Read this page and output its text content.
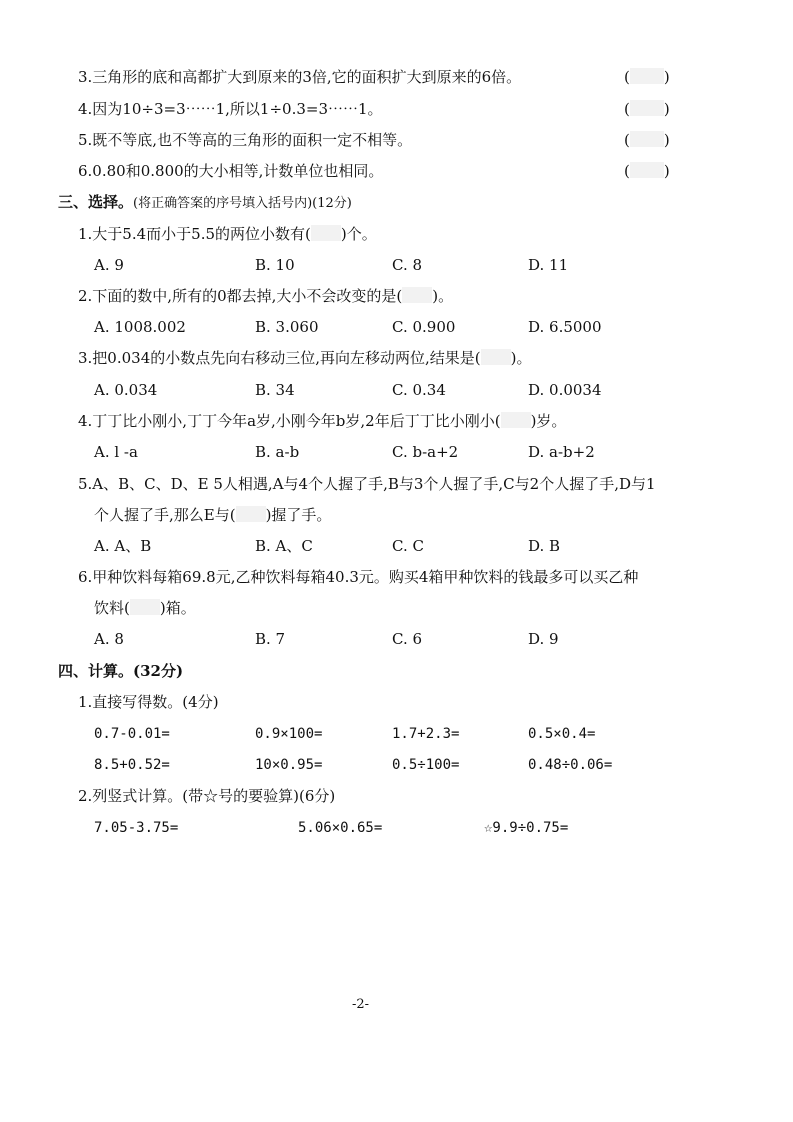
3.三角形的底和高都扩大到原来的3倍,它的面积扩大到原来的6倍。	( )
4.因为10÷3=3⋯⋯1,所以1÷0.3=3⋯⋯1。	( )
5.既不等底,也不等高的三角形的面积一定不相等。	( )
6.0.80和0.800的大小相等,计数单位也相同。	( )
三、选择。(将正确答案的序号填入括号内)(12分)
1.大于5.4而小于5.5的两位小数有( )个。
A. 9	B. 10	C. 8	D. 11
2.下面的数中,所有的0都去掉,大小不会改变的是( )。
A. 1008.002	B. 3.060	C. 0.900	D. 6.5000
3.把0.034的小数点先向右移动三位,再向左移动两位,结果是( )。
A. 0.034	B. 34	C. 0.34	D. 0.0034
4.丁丁比小刚小,丁丁今年a岁,小刚今年b岁,2年后丁丁比小刚小( )岁。
A. l -a	B. a-b	C. b-a+2	D. a-b+2
5.A、B、C、D、E 5人相遇,A与4个人握了手,B与3个人握了手,C与2个人握了手,D与1
个人握了手,那么E与( )握了手。
A. A、B	B. A、C	C. C	D. B
6.甲种饮料每箱69.8元,乙种饮料每箱40.3元。购买4箱甲种饮料的钱最多可以买乙种
饮料( )箱。
A. 8	B. 7	C. 6	D. 9
四、计算。(32分)
1.直接写得数。(4分)
0.7-0.01=	0.9×100=	1.7+2.3=	0.5×0.4=
8.5+0.52=	10×0.95=	0.5÷100=	0.48÷0.06=
2.列竖式计算。(带☆号的要验算)(6分)
7.05-3.75=	5.06×0.65=	☆9.9÷0.75=
-2-
